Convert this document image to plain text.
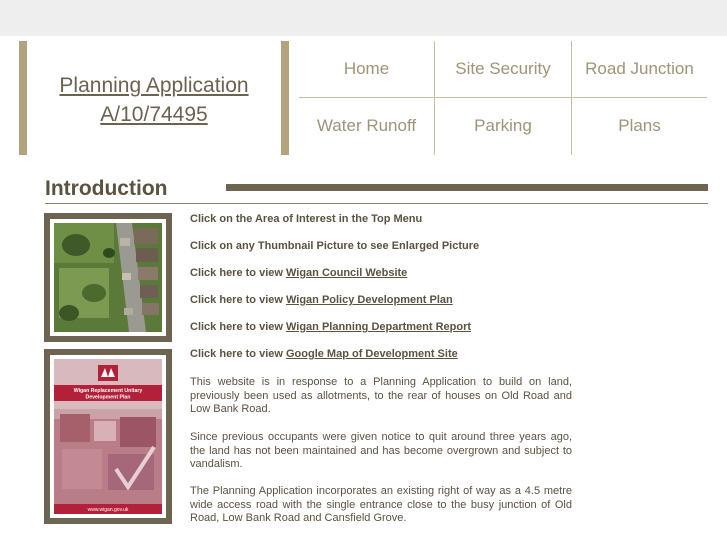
Planning Application
A/10/74495
Home	Site Security	Road Junction
Water Runoff	Parking	Plans
Introduction
Wigan Replacement Unitary
Development Plan
www.wigan.gov.uk
Click on the Area of Interest in the Top Menu
Click on any Thumbnail Picture to see Enlarged Picture
Click here to view Wigan Council Website
Click here to view Wigan Policy Development Plan
Click here to view Wigan Planning Department Report
Click here to view Google Map of Development Site
This website is in response to a Planning Application to build on land, previously been used as allotments, to the rear of houses on Old Road and Low Bank Road.
Since previous occupants were given notice to quit around three years ago, the land has not been maintained and has become overgrown and subject to vandalism.
The Planning Application incorporates an existing right of way as a 4.5 metre wide access road with the single entrance close to the busy junction of Old Road, Low Bank Road and Cansfield Grove.
